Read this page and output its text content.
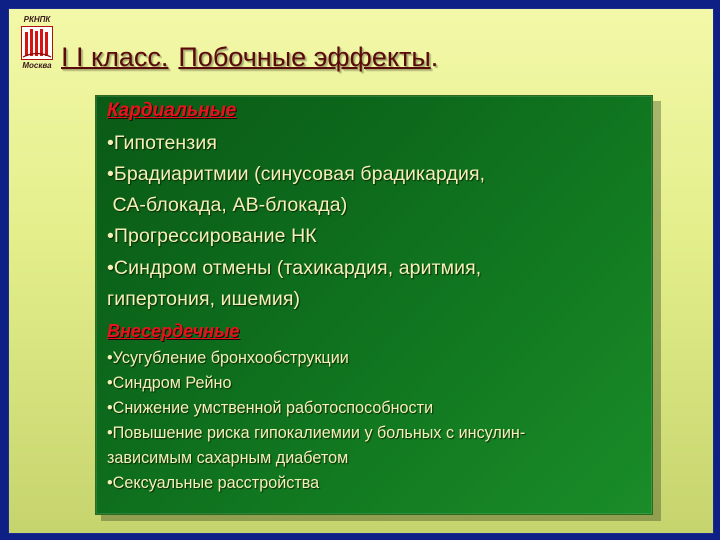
РКНПК
Москва I I класс. Побочные эффекты.
Кардиальные
•Гипотензия
•Брадиаритмии (синусовая брадикардия,
СА-блокада, АВ-блокада)
•Прогрессирование НК
•Синдром отмены (тахикардия, аритмия,
гипертония, ишемия)
Внесердечные
•Усугубление бронхообструкции
•Синдром Рейно
•Снижение умственной работоспособности
•Повышение риска гипокалиемии у больных с инсулин-
зависимым сахарным диабетом
•Сексуальные расстройства
